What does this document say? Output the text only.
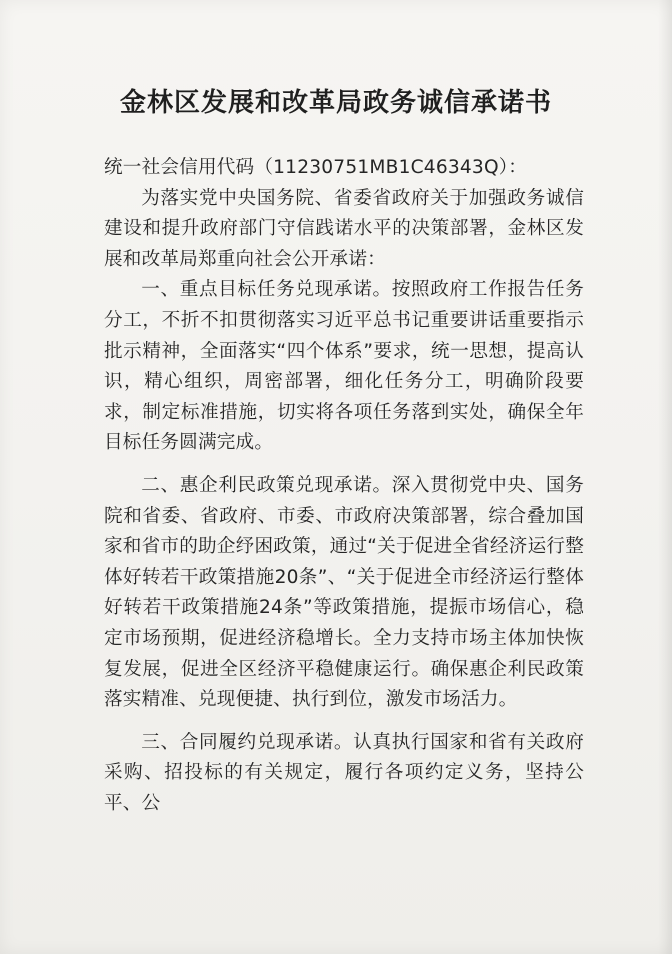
金林区发展和改革局政务诚信承诺书

统一社会信用代码（11230751MB1C46343Q）：

为落实党中央国务院、省委省政府关于加强政务诚信建设和提升政府部门守信践诺水平的决策部署，金林区发展和改革局郑重向社会公开承诺：

一、重点目标任务兑现承诺。按照政府工作报告任务分工，不折不扣贯彻落实习近平总书记重要讲话重要指示批示精神，全面落实“四个体系”要求，统一思想，提高认识，精心组织，周密部署，细化任务分工，明确阶段要求，制定标准措施，切实将各项任务落到实处，确保全年目标任务圆满完成。

二、惠企利民政策兑现承诺。深入贯彻党中央、国务院和省委、省政府、市委、市政府决策部署，综合叠加国家和省市的助企纾困政策，通过“关于促进全省经济运行整体好转若干政策措施20条”、“关于促进全市经济运行整体好转若干政策措施24条”等政策措施，提振市场信心，稳定市场预期，促进经济稳增长。全力支持市场主体加快恢复发展，促进全区经济平稳健康运行。确保惠企利民政策落实精准、兑现便捷、执行到位，激发市场活力。

三、合同履约兑现承诺。认真执行国家和省有关政府采购、招投标的有关规定，履行各项约定义务，坚持公平、公
